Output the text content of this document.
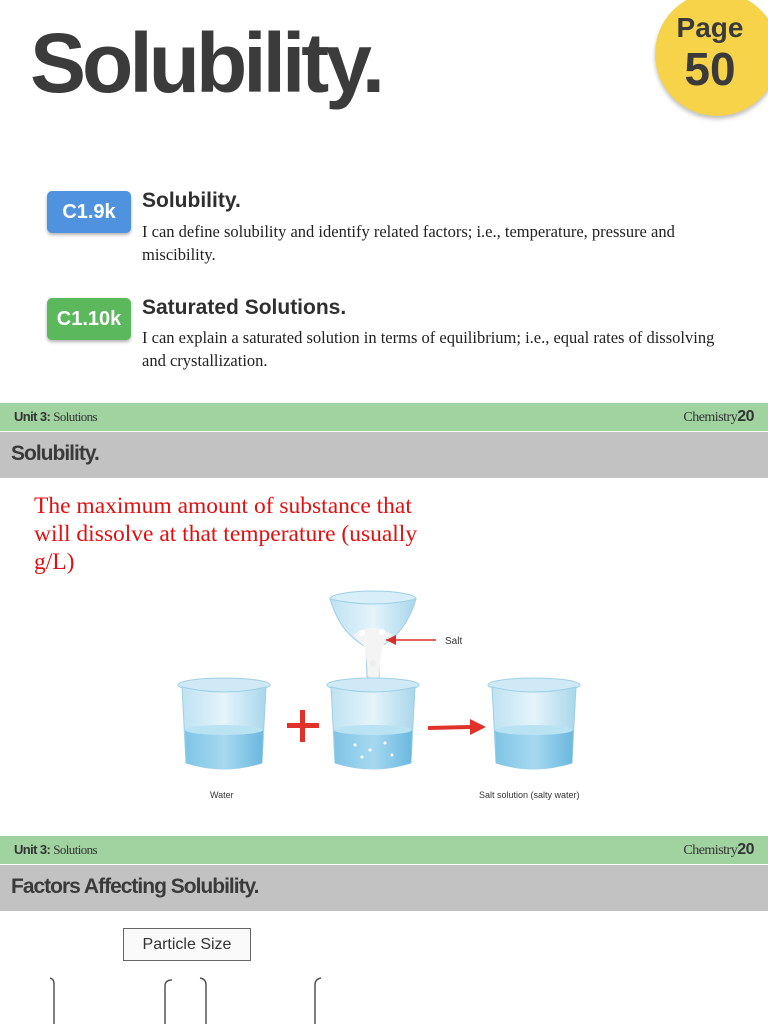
Solubility.	Page
50
C1.9k	Solubility.
I can define solubility and identify related factors; i.e., temperature, pressure and miscibility.
C1.10k Saturated Solutions.
I can explain a saturated solution in terms of equilibrium; i.e., equal rates of dissolving and crystallization.
Unit 3: Solutions	Chemistry20
Solubility.
The maximum amount of substance that will dissolve at that temperature (usually g/L)
Salt
Water	Salt solution (salty water)
Unit 3: Solutions	Chemistry20
Factors Affecting Solubility.
Particle Size
